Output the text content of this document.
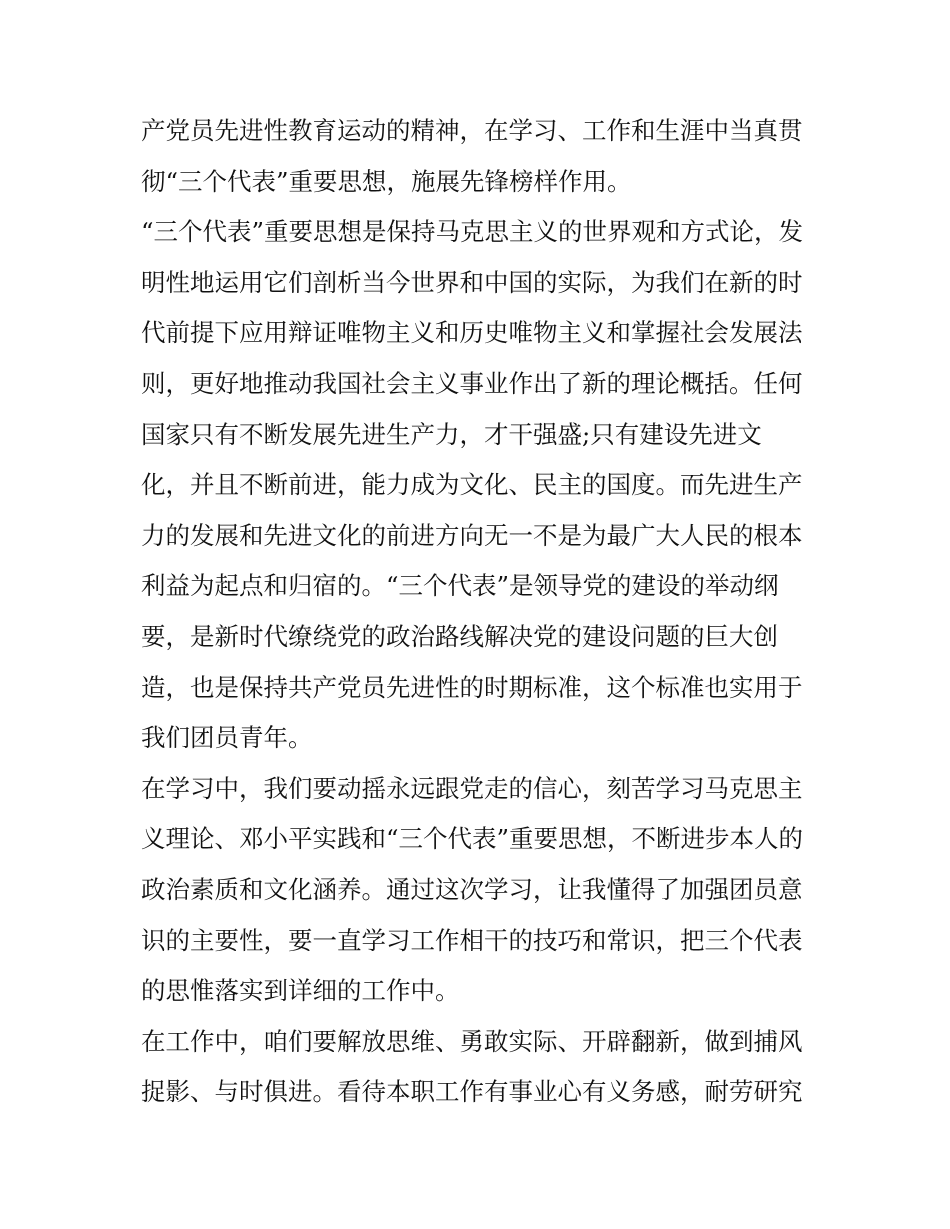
产党员先进性教育运动的精神，在学习、工作和生涯中当真贯
彻“三个代表”重要思想，施展先锋榜样作用。
“三个代表”重要思想是保持马克思主义的世界观和方式论，发
明性地运用它们剖析当今世界和中国的实际，为我们在新的时
代前提下应用辩证唯物主义和历史唯物主义和掌握社会发展法
则，更好地推动我国社会主义事业作出了新的理论概括。任何
国家只有不断发展先进生产力，才干强盛;只有建设先进文
化，并且不断前进，能力成为文化、民主的国度。而先进生产
力的发展和先进文化的前进方向无一不是为最广大人民的根本
利益为起点和归宿的。“三个代表”是领导党的建设的举动纲
要，是新时代缭绕党的政治路线解决党的建设问题的巨大创
造，也是保持共产党员先进性的时期标准，这个标准也实用于
我们团员青年。
在学习中，我们要动摇永远跟党走的信心，刻苦学习马克思主
义理论、邓小平实践和“三个代表”重要思想，不断进步本人的
政治素质和文化涵养。通过这次学习，让我懂得了加强团员意
识的主要性，要一直学习工作相干的技巧和常识，把三个代表
的思惟落实到详细的工作中。
在工作中，咱们要解放思维、勇敢实际、开辟翻新，做到捕风
捉影、与时俱进。看待本职工作有事业心有义务感，耐劳研究
